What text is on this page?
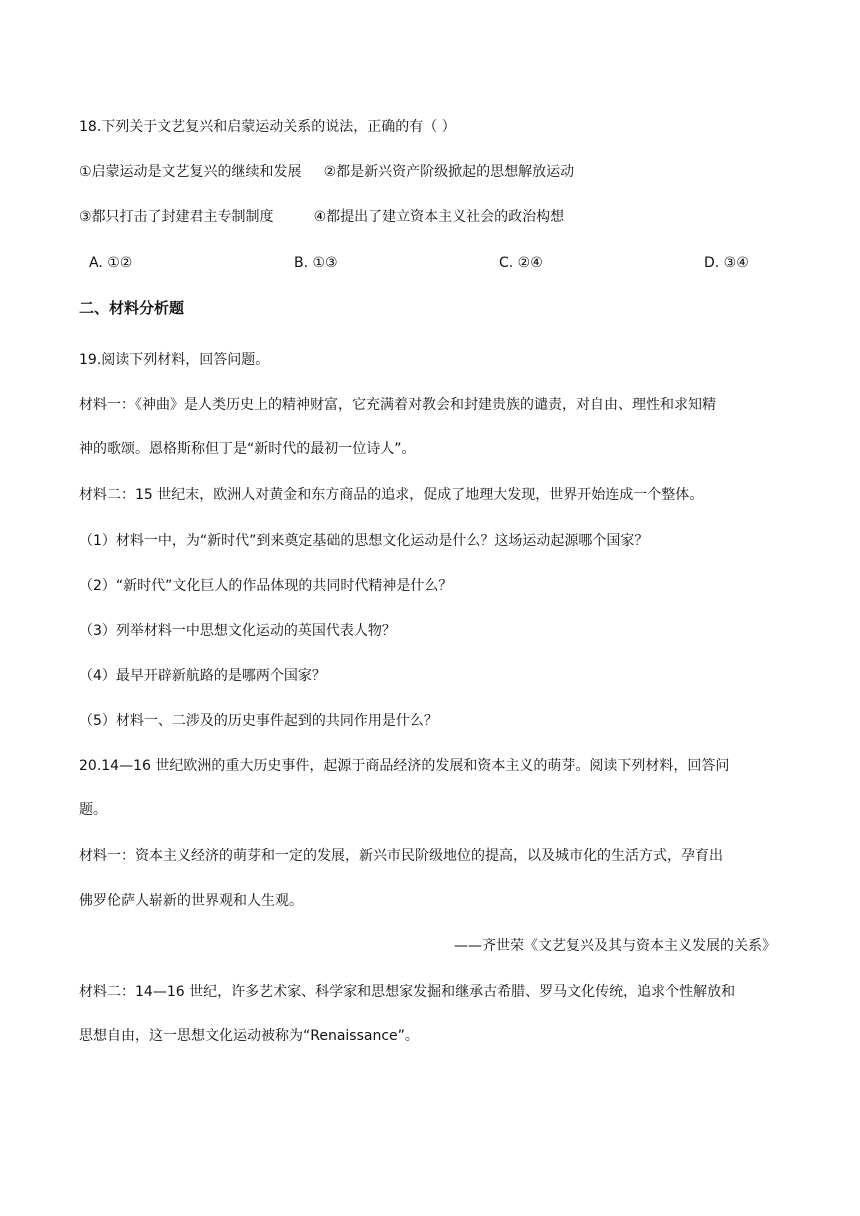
18.下列关于文艺复兴和启蒙运动关系的说法，正确的有（ ）
①启蒙运动是文艺复兴的继续和发展 ②都是新兴资产阶级掀起的思想解放运动
③都只打击了封建君主专制制度	④都提出了建立资本主义社会的政治构想
A. ①②	B. ①③	C. ②④	D. ③④
二、材料分析题
19.阅读下列材料，回答问题。
材料一：《神曲》是人类历史上的精神财富，它充满着对教会和封建贵族的谴责，对自由、理性和求知精
神的歌颂。恩格斯称但丁是“新时代的最初一位诗人”。
材料二：15 世纪末，欧洲人对黄金和东方商品的追求，促成了地理大发现，世界开始连成一个整体。
（1）材料一中，为“新时代”到来奠定基础的思想文化运动是什么？这场运动起源哪个国家？
（2）“新时代”文化巨人的作品体现的共同时代精神是什么？
（3）列举材料一中思想文化运动的英国代表人物？
（4）最早开辟新航路的是哪两个国家？
（5）材料一、二涉及的历史事件起到的共同作用是什么？
20.14—16 世纪欧洲的重大历史事件，起源于商品经济的发展和资本主义的萌芽。阅读下列材料，回答问
题。
材料一：资本主义经济的萌芽和一定的发展，新兴市民阶级地位的提高，以及城市化的生活方式，孕育出
佛罗伦萨人崭新的世界观和人生观。
——齐世荣《文艺复兴及其与资本主义发展的关系》
材料二：14—16 世纪，许多艺术家、科学家和思想家发掘和继承古希腊、罗马文化传统，追求个性解放和
思想自由，这一思想文化运动被称为“Renaissance”。
